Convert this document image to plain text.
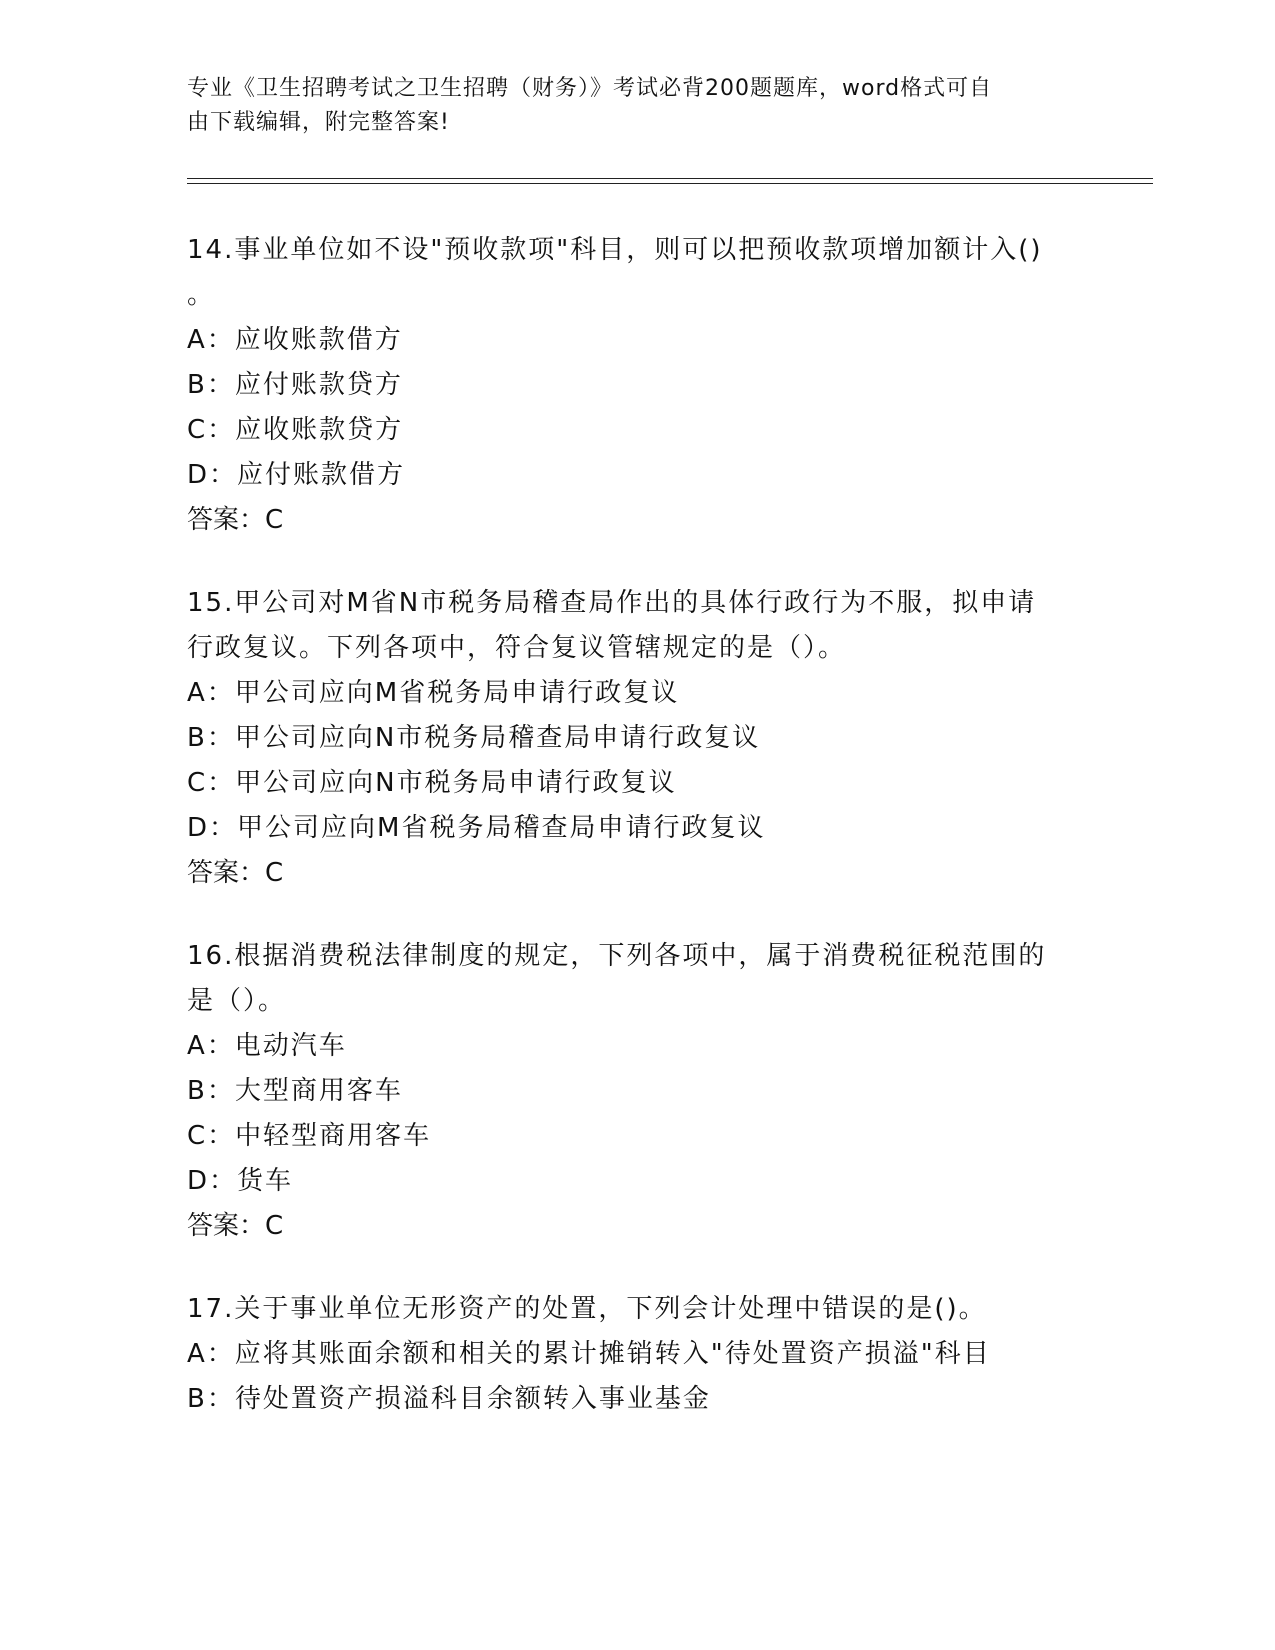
专业《卫生招聘考试之卫生招聘（财务）》考试必背200题题库，word格式可自
由下载编辑，附完整答案!

14.事业单位如不设"预收款项"科目，则可以把预收款项增加额计入()
。

A：应收账款借方
B：应付账款贷方
C：应收账款贷方
D：应付账款借方
答案：C

15.甲公司对M省N市税务局稽查局作出的具体行政行为不服，拟申请
行政复议。下列各项中，符合复议管辖规定的是（）。

A：甲公司应向M省税务局申请行政复议
B：甲公司应向N市税务局稽查局申请行政复议
C：甲公司应向N市税务局申请行政复议
D：甲公司应向M省税务局稽查局申请行政复议
答案：C

16.根据消费税法律制度的规定，下列各项中，属于消费税征税范围的
是（）。

A：电动汽车
B：大型商用客车
C：中轻型商用客车
D：货车
答案：C

17.关于事业单位无形资产的处置，下列会计处理中错误的是()。

A：应将其账面余额和相关的累计摊销转入"待处置资产损溢"科目
B：待处置资产损溢科目余额转入事业基金
